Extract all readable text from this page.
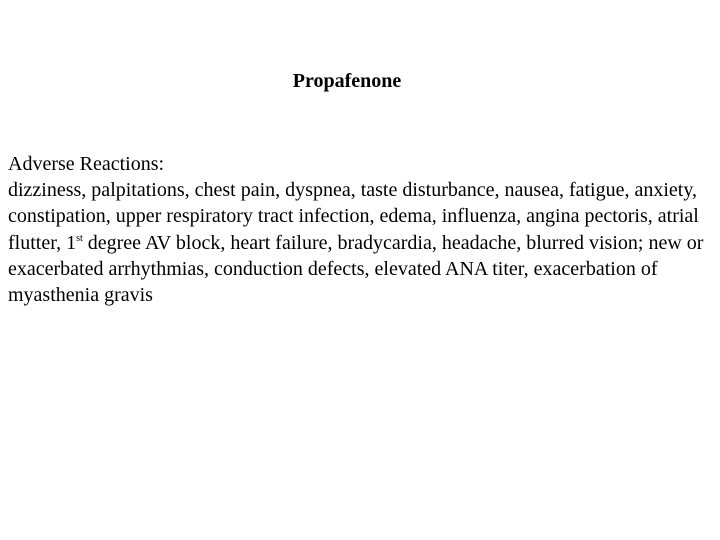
Propafenone
Adverse Reactions:
dizziness, palpitations, chest pain, dyspnea, taste disturbance, nausea, fatigue, anxiety, constipation, upper respiratory tract infection, edema, influenza, angina pectoris, atrial flutter, 1st degree AV block, heart failure, bradycardia, headache, blurred vision; new or exacerbated arrhythmias, conduction defects, elevated ANA titer, exacerbation of myasthenia gravis
